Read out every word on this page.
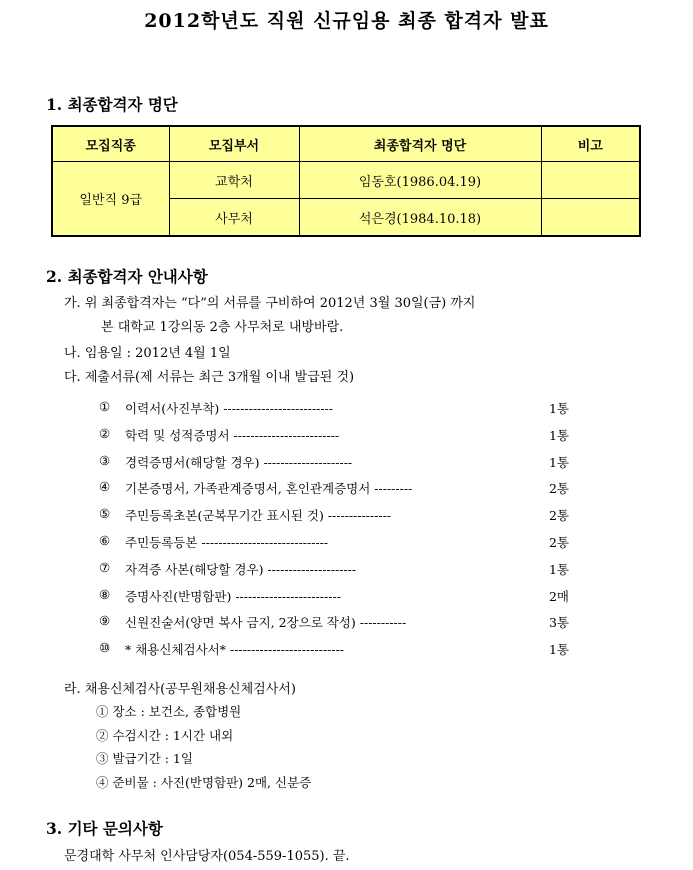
2012학년도 직원 신규임용 최종 합격자 발표
1. 최종합격자 명단
모집직종	모집부서	최종합격자 명단	비고
일반직 9급	교학처	임동호(1986.04.19)	
	사무처	석은경(1984.10.18)	
2. 최종합격자 안내사항
가. 위 최종합격자는 “다”의 서류를 구비하여 2012년 3월 30일(금) 까지
본 대학교 1강의동 2층 사무처로 내방바람.
나. 임용일 : 2012년 4월 1일
다. 제출서류(제 서류는 최근 3개월 이내 발급된 것)
① 이력서(사진부착) --------------------------	1통
② 학력 및 성적증명서 -------------------------	1통
③ 경력증명서(해당할 경우) ---------------------	1통
④ 기본증명서, 가족관계증명서, 혼인관계증명서 ---------	2통
⑤ 주민등록초본(군복무기간 표시된 것) ---------------	2통
⑥ 주민등록등본 ------------------------------	2통
⑦ 자격증 사본(해당할 경우) ---------------------	1통
⑧ 증명사진(반명함판) -------------------------	2매
⑨ 신원진술서(양면 복사 금지, 2장으로 작성) -----------	3통
⑩ * 채용신체검사서* ---------------------------	1통
라. 채용신체검사(공무원채용신체검사서)
① 장소 : 보건소, 종합병원
② 수검시간 : 1시간 내외
③ 발급기간 : 1일
④ 준비물 : 사진(반명함판) 2매, 신분증
3. 기타 문의사항
문경대학 사무처 인사담당자(054-559-1055). 끝.
